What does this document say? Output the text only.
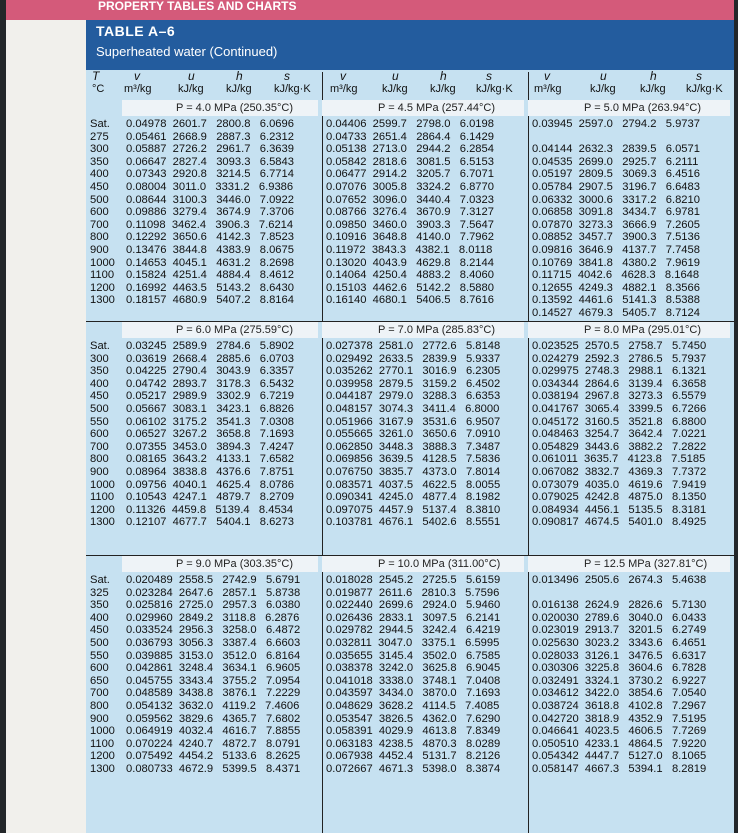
PROPERTY TABLES AND CHARTS
TABLE A–6
Superheated water (Continued)
T
°C
v
m³/kg
u
kJ/kg
h
kJ/kg
s
kJ/kg·K
v
m³/kg
u
kJ/kg
h
kJ/kg
s
kJ/kg·K
v
m³/kg
u
kJ/kg
h
kJ/kg
s
kJ/kg·K
Sat.
275
300
350
400
450
500
600
700
800
900
1000
1100
1200
1300
P = 4.0 MPa (250.35°C)
0.04978  2601.7   2800.8   6.0696
0.05461  2668.9   2887.3   6.2312
0.05887  2726.2   2961.7   6.3639
0.06647  2827.4   3093.3   6.5843
0.07343  2920.8   3214.5   6.7714
0.08004  3011.0   3331.2   6.9386
0.08644  3100.3   3446.0   7.0922
0.09886  3279.4   3674.9   7.3706
0.11098  3462.4   3906.3   7.6214
0.12292  3650.6   4142.3   7.8523
0.13476  3844.8   4383.9   8.0675
0.14653  4045.1   4631.2   8.2698
0.15824  4251.4   4884.4   8.4612
0.16992  4463.5   5143.2   8.6430
0.18157  4680.9   5407.2   8.8164
P = 4.5 MPa (257.44°C)
0.04406  2599.7   2798.0   6.0198
0.04733  2651.4   2864.4   6.1429
0.05138  2713.0   2944.2   6.2854
0.05842  2818.6   3081.5   6.5153
0.06477  2914.2   3205.7   6.7071
0.07076  3005.8   3324.2   6.8770
0.07652  3096.0   3440.4   7.0323
0.08766  3276.4   3670.9   7.3127
0.09850  3460.0   3903.3   7.5647
0.10916  3648.8   4140.0   7.7962
0.11972  3843.3   4382.1   8.0118
0.13020  4043.9   4629.8   8.2144
0.14064  4250.4   4883.2   8.4060
0.15103  4462.6   5142.2   8.5880
0.16140  4680.1   5406.5   8.7616
P = 5.0 MPa (263.94°C)
0.03945  2597.0   2794.2   5.9737
0.04144  2632.3   2839.5   6.0571
0.04535  2699.0   2925.7   6.2111
0.05197  2809.5   3069.3   6.4516
0.05784  2907.5   3196.7   6.6483
0.06332  3000.6   3317.2   6.8210
0.06858  3091.8   3434.7   6.9781
0.07870  3273.3   3666.9   7.2605
0.08852  3457.7   3900.3   7.5136
0.09816  3646.9   4137.7   7.7458
0.10769  3841.8   4380.2   7.9619
0.11715  4042.6   4628.3   8.1648
0.12655  4249.3   4882.1   8.3566
0.13592  4461.6   5141.3   8.5388
0.14527  4679.3   5405.7   8.7124
Sat.
300
350
400
450
500
550
600
700
800
900
1000
1100
1200
1300
P = 6.0 MPa (275.59°C)
0.03245  2589.9   2784.6   5.8902
0.03619  2668.4   2885.6   6.0703
0.04225  2790.4   3043.9   6.3357
0.04742  2893.7   3178.3   6.5432
0.05217  2989.9   3302.9   6.7219
0.05667  3083.1   3423.1   6.8826
0.06102  3175.2   3541.3   7.0308
0.06527  3267.2   3658.8   7.1693
0.07355  3453.0   3894.3   7.4247
0.08165  3643.2   4133.1   7.6582
0.08964  3838.8   4376.6   7.8751
0.09756  4040.1   4625.4   8.0786
0.10543  4247.1   4879.7   8.2709
0.11326  4459.8   5139.4   8.4534
0.12107  4677.7   5404.1   8.6273
P = 7.0 MPa (285.83°C)
0.027378  2581.0   2772.6   5.8148
0.029492  2633.5   2839.9   5.9337
0.035262  2770.1   3016.9   6.2305
0.039958  2879.5   3159.2   6.4502
0.044187  2979.0   3288.3   6.6353
0.048157  3074.3   3411.4   6.8000
0.051966  3167.9   3531.6   6.9507
0.055665  3261.0   3650.6   7.0910
0.062850  3448.3   3888.3   7.3487
0.069856  3639.5   4128.5   7.5836
0.076750  3835.7   4373.0   7.8014
0.083571  4037.5   4622.5   8.0055
0.090341  4245.0   4877.4   8.1982
0.097075  4457.9   5137.4   8.3810
0.103781  4676.1   5402.6   8.5551
P = 8.0 MPa (295.01°C)
0.023525  2570.5   2758.7   5.7450
0.024279  2592.3   2786.5   5.7937
0.029975  2748.3   2988.1   6.1321
0.034344  2864.6   3139.4   6.3658
0.038194  2967.8   3273.3   6.5579
0.041767  3065.4   3399.5   6.7266
0.045172  3160.5   3521.8   6.8800
0.048463  3254.7   3642.4   7.0221
0.054829  3443.6   3882.2   7.2822
0.061011  3635.7   4123.8   7.5185
0.067082  3832.7   4369.3   7.7372
0.073079  4035.0   4619.6   7.9419
0.079025  4242.8   4875.0   8.1350
0.084934  4456.1   5135.5   8.3181
0.090817  4674.5   5401.0   8.4925
Sat.
325
350
400
450
500
550
600
650
700
800
900
1000
1100
1200
1300
P = 9.0 MPa (303.35°C)
0.020489  2558.5   2742.9   5.6791
0.023284  2647.6   2857.1   5.8738
0.025816  2725.0   2957.3   6.0380
0.029960  2849.2   3118.8   6.2876
0.033524  2956.3   3258.0   6.4872
0.036793  3056.3   3387.4   6.6603
0.039885  3153.0   3512.0   6.8164
0.042861  3248.4   3634.1   6.9605
0.045755  3343.4   3755.2   7.0954
0.048589  3438.8   3876.1   7.2229
0.054132  3632.0   4119.2   7.4606
0.059562  3829.6   4365.7   7.6802
0.064919  4032.4   4616.7   7.8855
0.070224  4240.7   4872.7   8.0791
0.075492  4454.2   5133.6   8.2625
0.080733  4672.9   5399.5   8.4371
P = 10.0 MPa (311.00°C)
0.018028  2545.2   2725.5   5.6159
0.019877  2611.6   2810.3   5.7596
0.022440  2699.6   2924.0   5.9460
0.026436  2833.1   3097.5   6.2141
0.029782  2944.5   3242.4   6.4219
0.032811  3047.0   3375.1   6.5995
0.035655  3145.4   3502.0   6.7585
0.038378  3242.0   3625.8   6.9045
0.041018  3338.0   3748.1   7.0408
0.043597  3434.0   3870.0   7.1693
0.048629  3628.2   4114.5   7.4085
0.053547  3826.5   4362.0   7.6290
0.058391  4029.9   4613.8   7.8349
0.063183  4238.5   4870.3   8.0289
0.067938  4452.4   5131.7   8.2126
0.072667  4671.3   5398.0   8.3874
P = 12.5 MPa (327.81°C)
0.013496  2505.6   2674.3   5.4638
0.016138  2624.9   2826.6   5.7130
0.020030  2789.6   3040.0   6.0433
0.023019  2913.7   3201.5   6.2749
0.025630  3023.2   3343.6   6.4651
0.028033  3126.1   3476.5   6.6317
0.030306  3225.8   3604.6   6.7828
0.032491  3324.1   3730.2   6.9227
0.034612  3422.0   3854.6   7.0540
0.038724  3618.8   4102.8   7.2967
0.042720  3818.9   4352.9   7.5195
0.046641  4023.5   4606.5   7.7269
0.050510  4233.1   4864.5   7.9220
0.054342  4447.7   5127.0   8.1065
0.058147  4667.3   5394.1   8.2819
